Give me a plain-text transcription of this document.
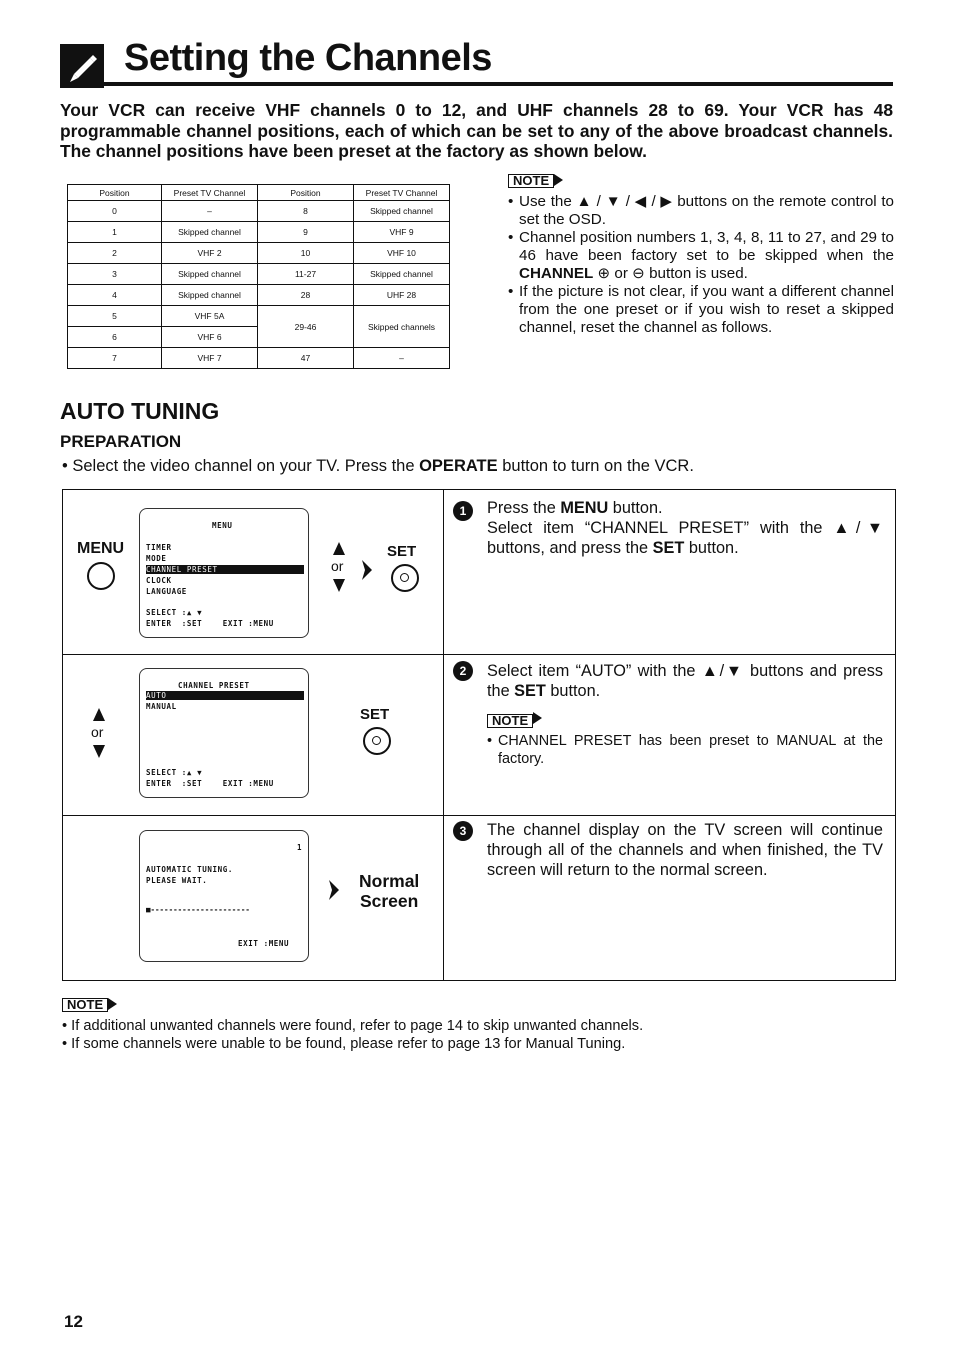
Setting the Channels
Your VCR can receive VHF channels 0 to 12, and UHF channels 28 to 69. Your VCR has 48 programmable channel positions, each of which can be set to any of the above broadcast channels. The channel positions have been preset at the factory as shown below.
Position	Preset TV Channel	Position	Preset TV Channel
0	–	8	Skipped channel
1	Skipped channel	9	VHF 9
2	VHF 2	10	VHF 10
3	Skipped channel	11-27	Skipped channel
4	Skipped channel	28	UHF 28
5	VHF 5A	29-46	Skipped channels
6	VHF 6		
7	VHF 7	47	–
NOTE
• Use the ▲ / ▼ / ◀ / ▶ buttons on the remote control to set the OSD.
• Channel position numbers 1, 3, 4, 8, 11 to 27, and 29 to 46 have been factory set to be skipped when the CHANNEL ⊕ or ⊖ button is used.
• If the picture is not clear, if you want a different channel from the one preset or if you wish to reset a skipped channel, reset the channel as follows.
AUTO TUNING
PREPARATION
• Select the video channel on your TV. Press the OPERATE button to turn on the VCR.
MENU
MENU
TIMER
MODE
CHANNEL PRESET
CLOCK
LANGUAGE
SELECT :▲ ▼
ENTER  :SET    EXIT :MENU
or
SET
1	Press the MENU button.
Select item “CHANNEL PRESET” with the ▲/▼ buttons, and press the SET button.
CHANNEL PRESET
AUTO
MANUAL
SELECT :▲ ▼
ENTER  :SET    EXIT :MENU
or
SET
2	Select item “AUTO” with the ▲/▼ buttons and press the SET button.
NOTE
• CHANNEL PRESET has been preset to MANUAL at the factory.
1
AUTOMATIC TUNING.
PLEASE WAIT.
■----------------------
EXIT :MENU
Normal
Screen
3	The channel display on the TV screen will continue through all of the channels and when finished, the TV screen will return to the normal screen.
NOTE
• If additional unwanted channels were found, refer to page 14 to skip unwanted channels.
• If some channels were unable to be found, please refer to page 13 for Manual Tuning.
12
